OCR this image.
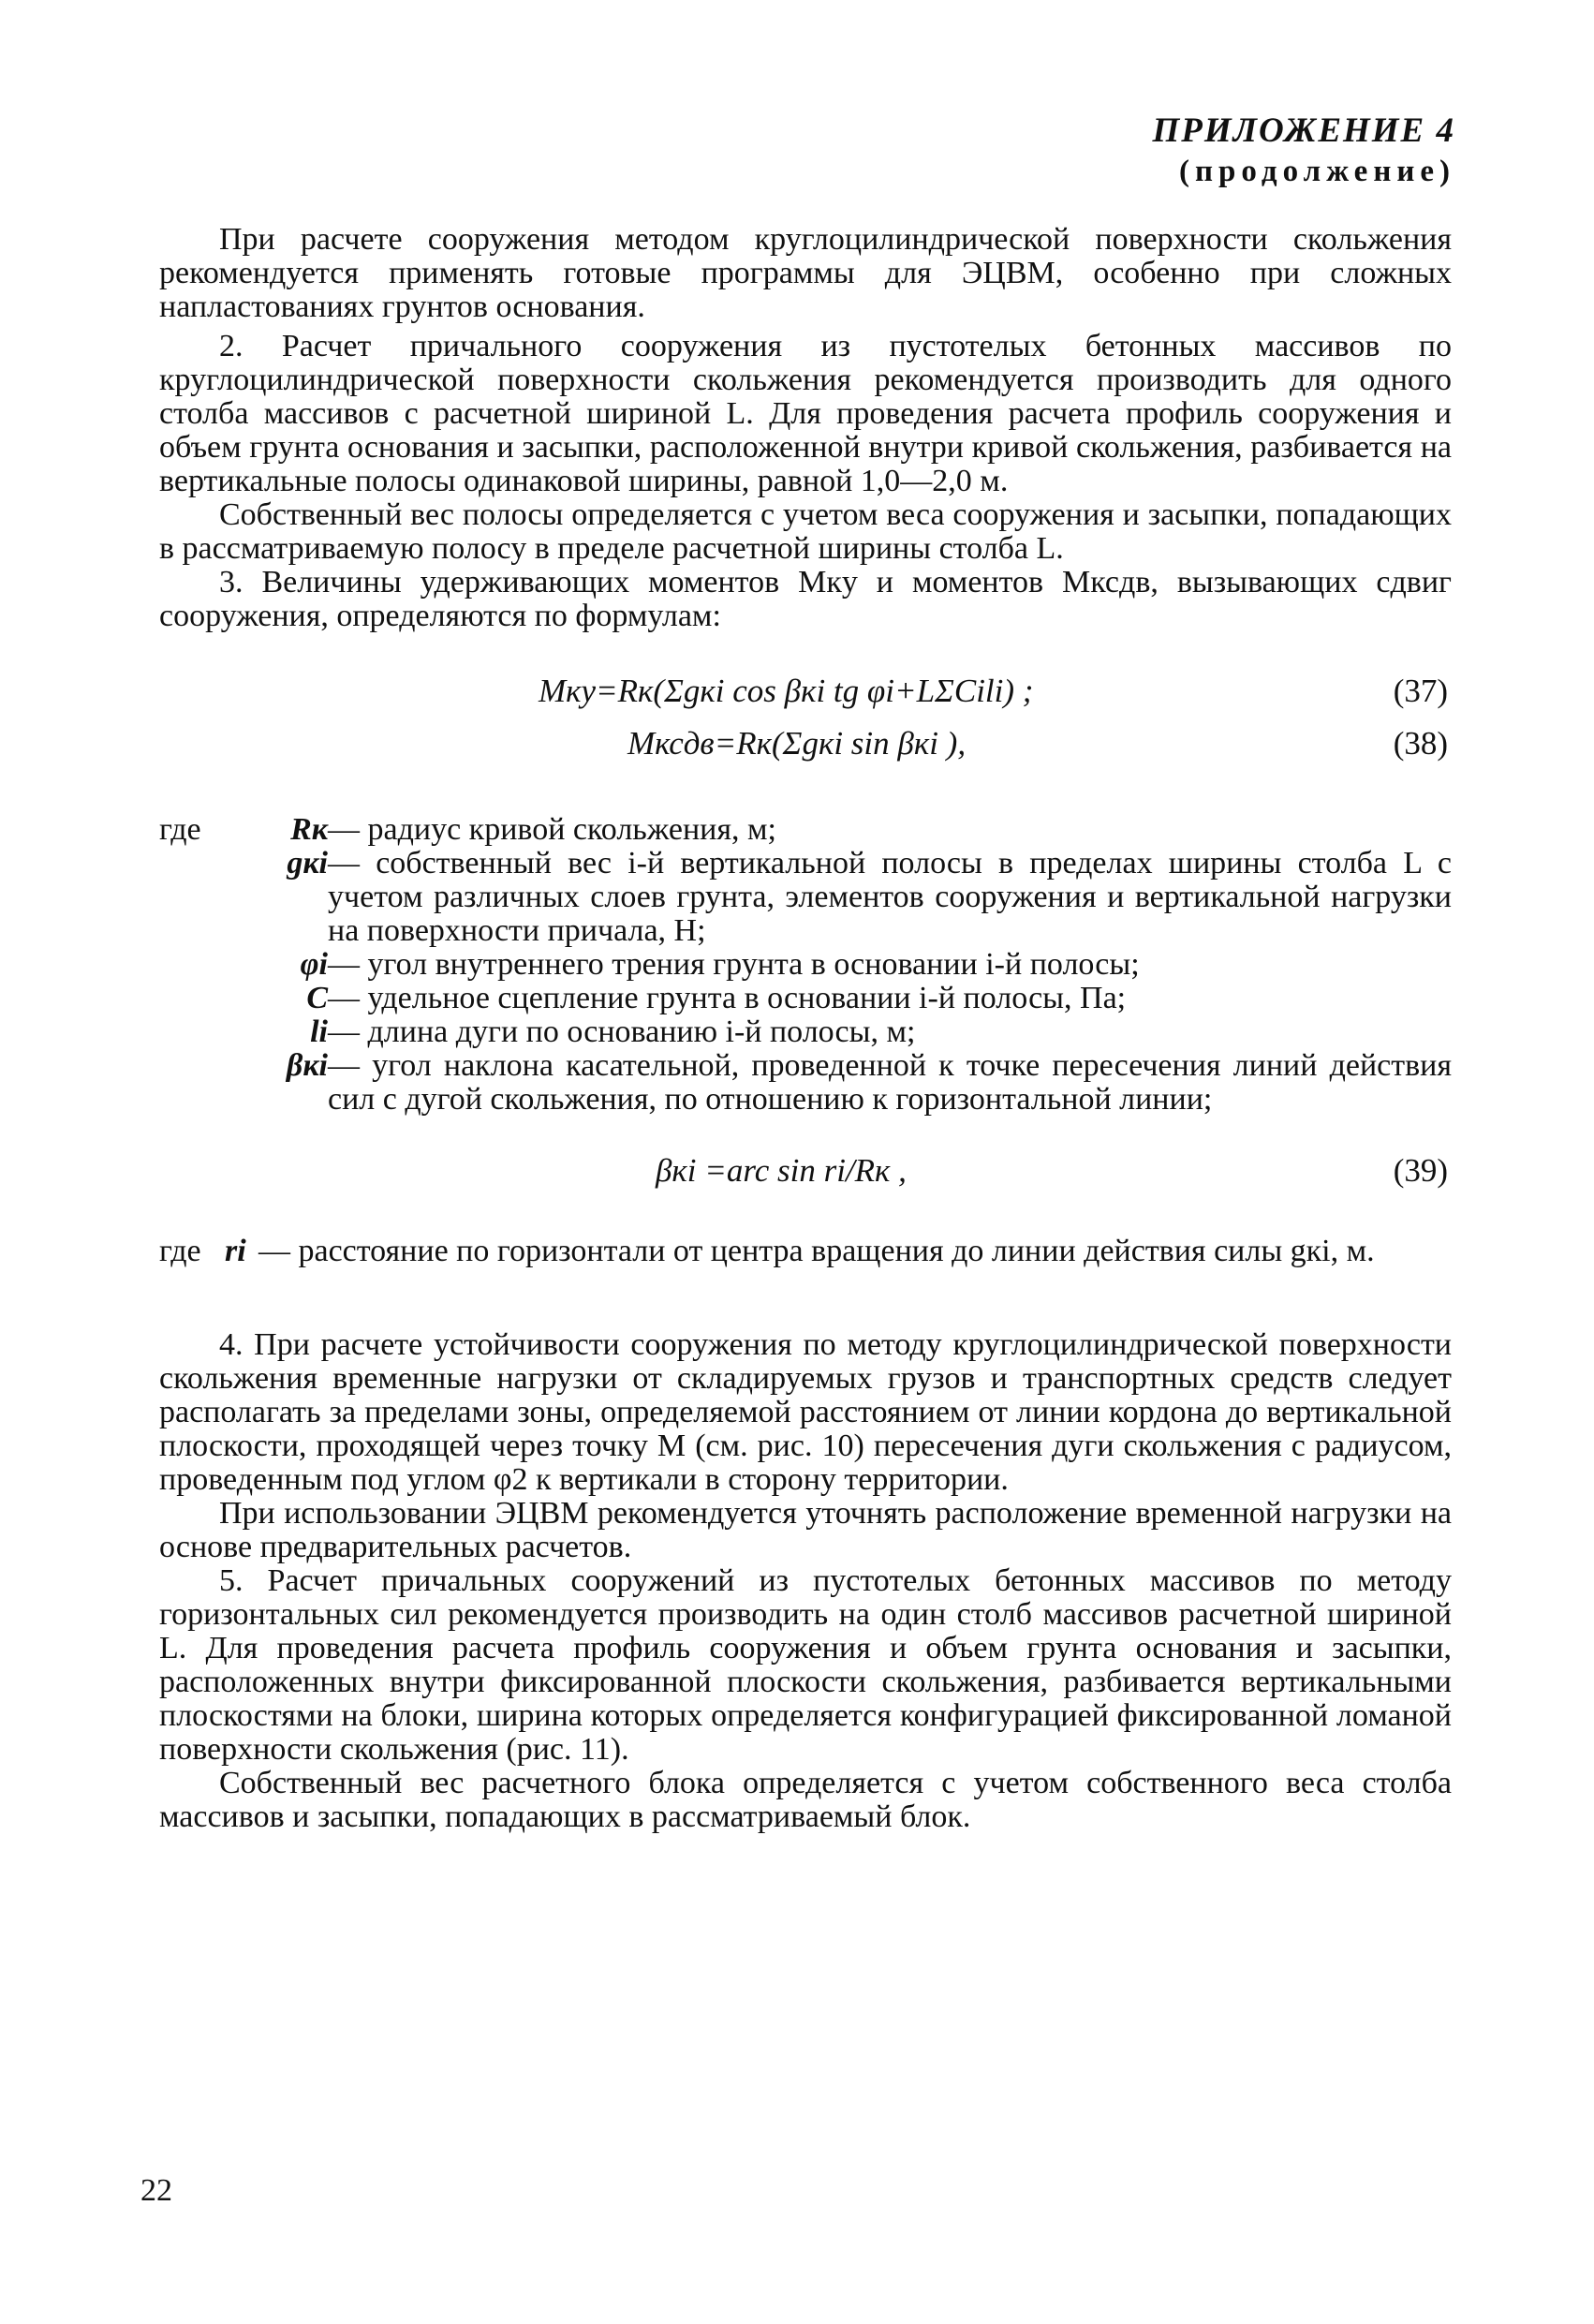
ПРИЛОЖЕНИЕ 4
(продолжение)

При расчете сооружения методом круглоцилиндрической поверхности скольжения рекомендуется применять готовые программы для ЭЦВМ, особенно при сложных напластованиях грунтов основания.

2. Расчет причального сооружения из пустотелых бетонных массивов по круглоцилиндрической поверхности скольжения рекомендуется производить для одного столба массивов с расчетной шириной L. Для проведения расчета профиль сооружения и объем грунта основания и засыпки, расположенной внутри кривой скольжения, разбивается на вертикальные полосы одинаковой ширины, равной 1,0—2,0 м.

Собственный вес полосы определяется с учетом веса сооружения и засыпки, попадающих в рассматриваемую полосу в пределе расчетной ширины столба L.

3. Величины удерживающих моментов Mкy и моментов Mксдв, вызывающих сдвиг сооружения, определяются по формулам:

Mкy=Rк(Σgкi cos βкi tg φi+LΣCili) ;	(37)
Mксдв=Rк(Σgкi sin βкi ),	(38)
где	Rк — радиус кривой скольжения, м;
gкi — собственный вес i-й вертикальной полосы в пределах ширины столба L с учетом различных слоев грунта, элементов сооружения и вертикальной нагрузки на поверхности причала, Н;
φi — угол внутреннего трения грунта в основании i-й полосы;
C — удельное сцепление грунта в основании i-й полосы, Па;
li — длина дуги по основанию i-й полосы, м;
βкi — угол наклона касательной, проведенной к точке пересечения линий действия сил с дугой скольжения, по отношению к горизонтальной линии;
βкi =arc sin ri/Rк ,	(39)
где ri — расстояние по горизонтали от центра вращения до линии действия силы gкi, м.

4. При расчете устойчивости сооружения по методу круглоцилиндрической поверхности скольжения временные нагрузки от складируемых грузов и транспортных средств следует располагать за пределами зоны, определяемой расстоянием от линии кордона до вертикальной плоскости, проходящей через точку M (см. рис. 10) пересечения дуги скольжения с радиусом, проведенным под углом φ2 к вертикали в сторону территории.

При использовании ЭЦВМ рекомендуется уточнять расположение временной нагрузки на основе предварительных расчетов.

5. Расчет причальных сооружений из пустотелых бетонных массивов по методу горизонтальных сил рекомендуется производить на один столб массивов расчетной шириной L. Для проведения расчета профиль сооружения и объем грунта основания и засыпки, расположенных внутри фиксированной плоскости скольжения, разбивается вертикальными плоскостями на блоки, ширина которых определяется конфигурацией фиксированной ломаной поверхности скольжения (рис. 11).

Собственный вес расчетного блока определяется с учетом собственного веса столба массивов и засыпки, попадающих в рассматриваемый блок.

22
